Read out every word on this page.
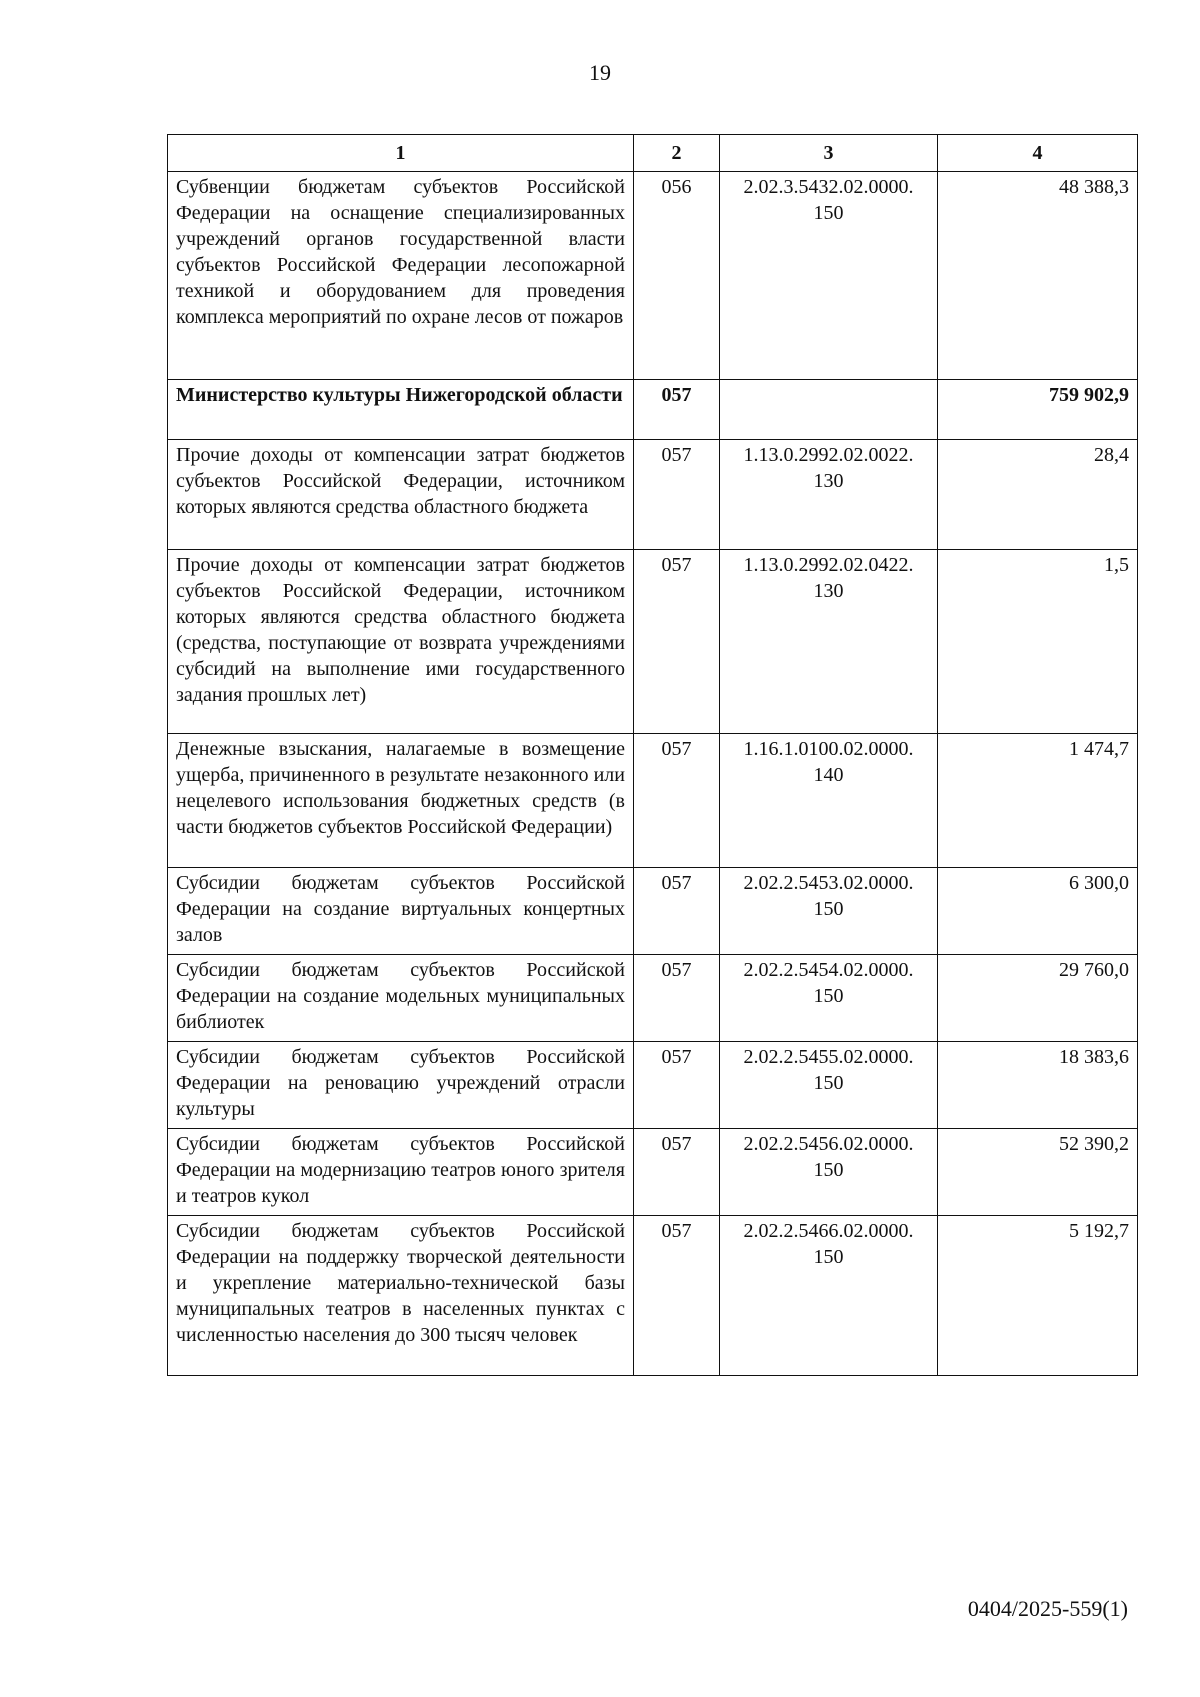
19
1	2	3	4
Субвенции бюджетам субъектов Российской Федерации на оснащение специализированных учреждений органов государственной власти субъектов Российской Федерации лесопожарной техникой и оборудованием для проведения комплекса мероприятий по охране лесов от пожаров	056	2.02.3.5432.02.0000. 150	48 388,3
Министерство культуры Нижегородской области	057		759 902,9
Прочие доходы от компенсации затрат бюджетов субъектов Российской Федерации, источником которых являются средства областного бюджета	057	1.13.0.2992.02.0022. 130	28,4
Прочие доходы от компенсации затрат бюджетов субъектов Российской Федерации, источником которых являются средства областного бюджета (средства, поступающие от возврата учреждениями субсидий на выполнение ими государственного задания прошлых лет)	057	1.13.0.2992.02.0422. 130	1,5
Денежные взыскания, налагаемые в возмещение ущерба, причиненного в результате незаконного или нецелевого использования бюджетных средств (в части бюджетов субъектов Российской Федерации)	057	1.16.1.0100.02.0000. 140	1 474,7
Субсидии бюджетам субъектов Российской Федерации на создание виртуальных концертных залов	057	2.02.2.5453.02.0000. 150	6 300,0
Субсидии бюджетам субъектов Российской Федерации на создание модельных муниципальных библиотек	057	2.02.2.5454.02.0000. 150	29 760,0
Субсидии бюджетам субъектов Российской Федерации на реновацию учреждений отрасли культуры	057	2.02.2.5455.02.0000. 150	18 383,6
Субсидии бюджетам субъектов Российской Федерации на модернизацию театров юного зрителя и театров кукол	057	2.02.2.5456.02.0000. 150	52 390,2
Субсидии бюджетам субъектов Российской Федерации на поддержку творческой деятельности и укрепление материально-технической базы муниципальных театров в населенных пунктах с численностью населения до 300 тысяч человек	057	2.02.2.5466.02.0000. 150	5 192,7
0404/2025-559(1)
